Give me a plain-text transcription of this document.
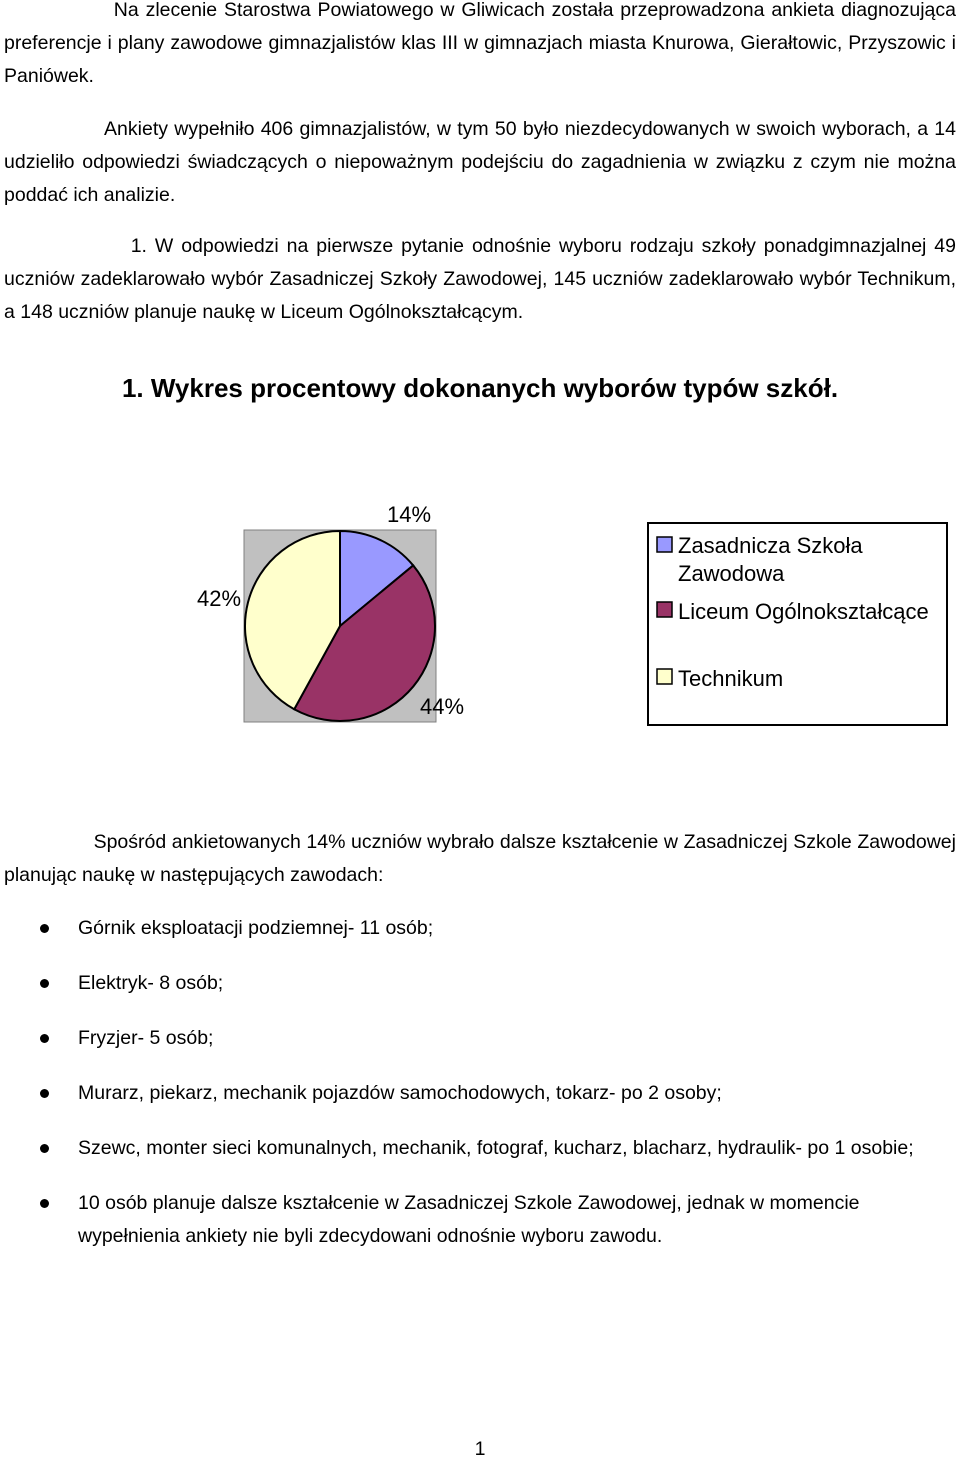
Na zlecenie Starostwa Powiatowego w Gliwicach została przeprowadzona ankieta diagnozująca preferencje i plany zawodowe gimnazjalistów klas III w gimnazjach miasta Knurowa, Gierałtowic, Przyszowic i Paniówek.

Ankiety wypełniło 406 gimnazjalistów, w tym 50 było niezdecydowanych w swoich wyborach, a 14 udzieliło odpowiedzi świadczących o niepoważnym podejściu do zagadnienia w związku z czym nie można poddać ich analizie.

1. W odpowiedzi na pierwsze pytanie odnośnie wyboru rodzaju szkoły ponadgimnazjalnej 49 uczniów zadeklarowało wybór Zasadniczej Szkoły Zawodowej, 145 uczniów zadeklarowało wybór Technikum, a 148 uczniów planuje naukę w Liceum Ogólnokształcącym.

1. Wykres procentowy dokonanych wyborów typów szkół.
14%
44%
42%
Zasadnicza Szkoła Zawodowa
Liceum Ogólnokształcące
Technikum

Spośród ankietowanych 14% uczniów wybrało dalsze kształcenie w Zasadniczej Szkole Zawodowej planując naukę w następujących zawodach:

Górnik eksploatacji podziemnej- 11 osób;
Elektryk- 8 osób;
Fryzjer- 5 osób;
Murarz, piekarz, mechanik pojazdów samochodowych, tokarz- po 2 osoby;
Szewc, monter sieci komunalnych, mechanik, fotograf, kucharz, blacharz, hydraulik- po 1 osobie;
10 osób planuje dalsze kształcenie w Zasadniczej Szkole Zawodowej, jednak w momencie wypełnienia ankiety nie byli zdecydowani odnośnie wyboru zawodu.
1
